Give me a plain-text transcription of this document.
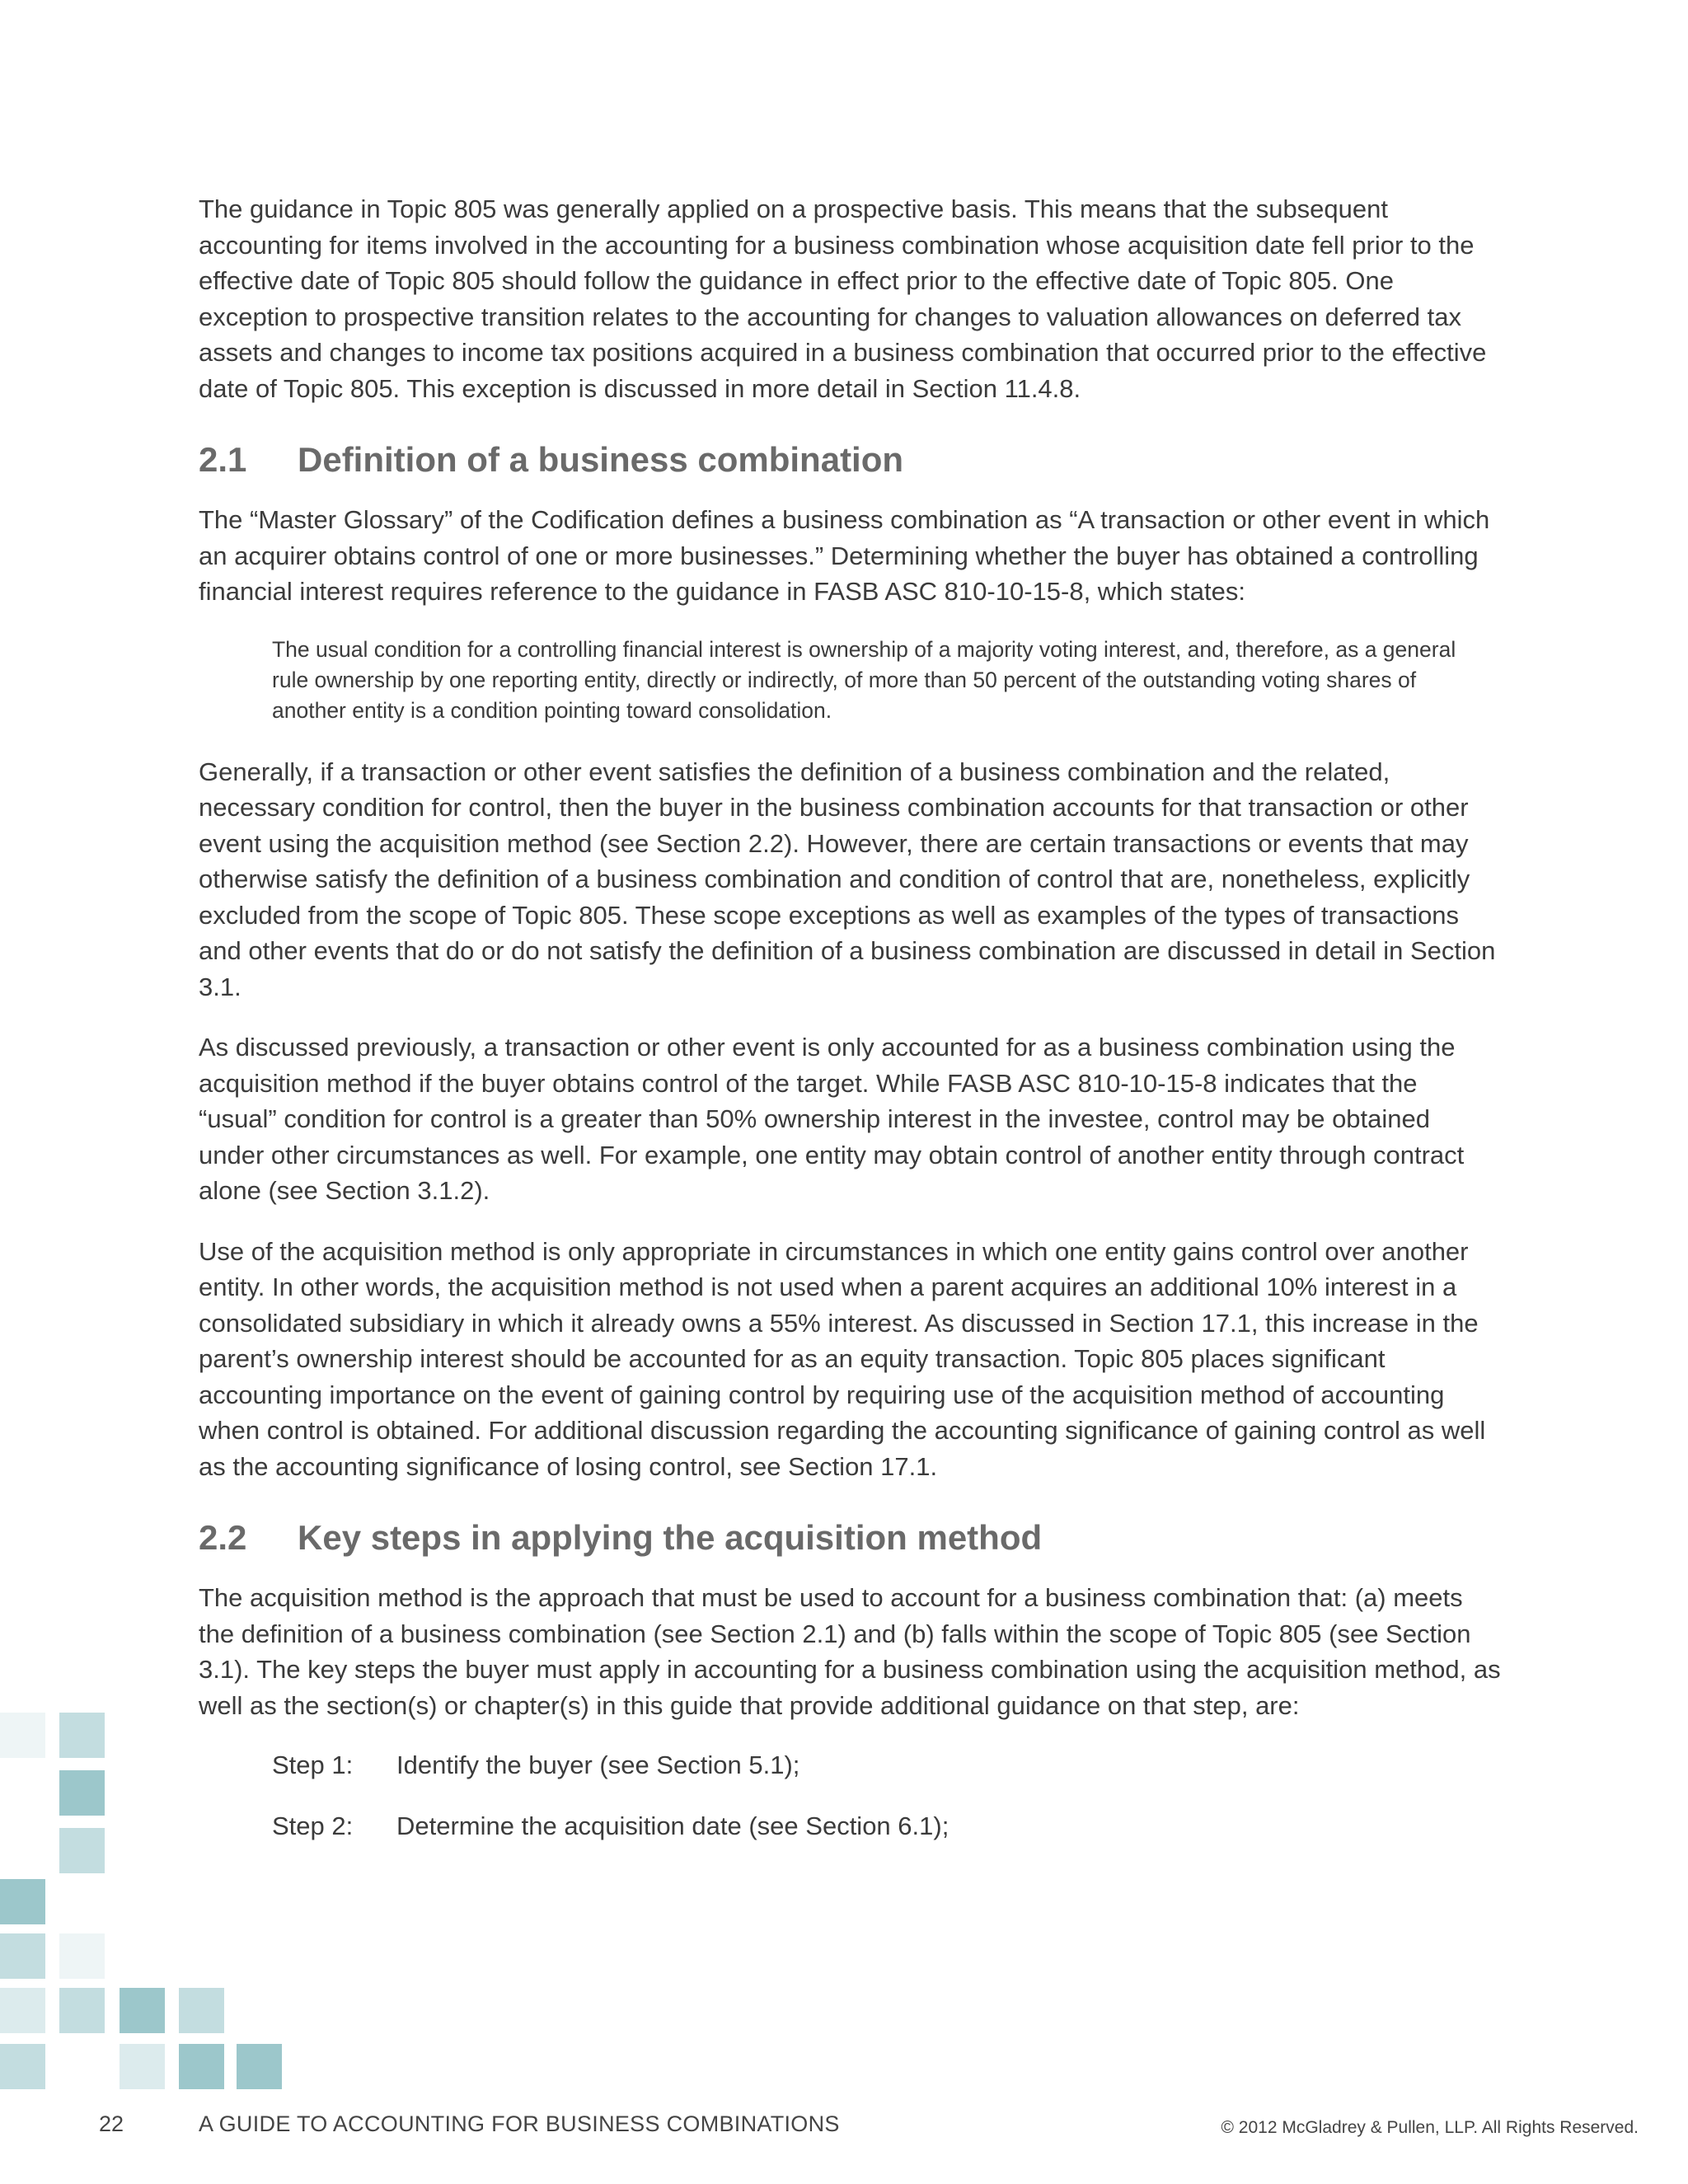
The guidance in Topic 805 was generally applied on a prospective basis. This means that the subsequent accounting for items involved in the accounting for a business combination whose acquisition date fell prior to the effective date of Topic 805 should follow the guidance in effect prior to the effective date of Topic 805. One exception to prospective transition relates to the accounting for changes to valuation allowances on deferred tax assets and changes to income tax positions acquired in a business combination that occurred prior to the effective date of Topic 805. This exception is discussed in more detail in Section 11.4.8.

2.1	Definition of a business combination

The “Master Glossary” of the Codification defines a business combination as “A transaction or other event in which an acquirer obtains control of one or more businesses.” Determining whether the buyer has obtained a controlling financial interest requires reference to the guidance in FASB ASC 810-10-15-8, which states:

The usual condition for a controlling financial interest is ownership of a majority voting interest, and, therefore, as a general rule ownership by one reporting entity, directly or indirectly, of more than 50 percent of the outstanding voting shares of another entity is a condition pointing toward consolidation.

Generally, if a transaction or other event satisfies the definition of a business combination and the related, necessary condition for control, then the buyer in the business combination accounts for that transaction or other event using the acquisition method (see Section 2.2). However, there are certain transactions or events that may otherwise satisfy the definition of a business combination and condition of control that are, nonetheless, explicitly excluded from the scope of Topic 805. These scope exceptions as well as examples of the types of transactions and other events that do or do not satisfy the definition of a business combination are discussed in detail in Section 3.1.

As discussed previously, a transaction or other event is only accounted for as a business combination using the acquisition method if the buyer obtains control of the target. While FASB ASC 810-10-15-8 indicates that the “usual” condition for control is a greater than 50% ownership interest in the investee, control may be obtained under other circumstances as well. For example, one entity may obtain control of another entity through contract alone (see Section 3.1.2).

Use of the acquisition method is only appropriate in circumstances in which one entity gains control over another entity. In other words, the acquisition method is not used when a parent acquires an additional 10% interest in a consolidated subsidiary in which it already owns a 55% interest. As discussed in Section 17.1, this increase in the parent’s ownership interest should be accounted for as an equity transaction. Topic 805 places significant accounting importance on the event of gaining control by requiring use of the acquisition method of accounting when control is obtained. For additional discussion regarding the accounting significance of gaining control as well as the accounting significance of losing control, see Section 17.1.

2.2	Key steps in applying the acquisition method

The acquisition method is the approach that must be used to account for a business combination that: (a) meets the definition of a business combination (see Section 2.1) and (b) falls within the scope of Topic 805 (see Section 3.1). The key steps the buyer must apply in accounting for a business combination using the acquisition method, as well as the section(s) or chapter(s) in this guide that provide additional guidance on that step, are:

Step 1:	Identify the buyer (see Section 5.1);
Step 2:	Determine the acquisition date (see Section 6.1);
22	A GUIDE TO ACCOUNTING FOR BUSINESS COMBINATIONS	© 2012 McGladrey & Pullen, LLP. All Rights Reserved.
